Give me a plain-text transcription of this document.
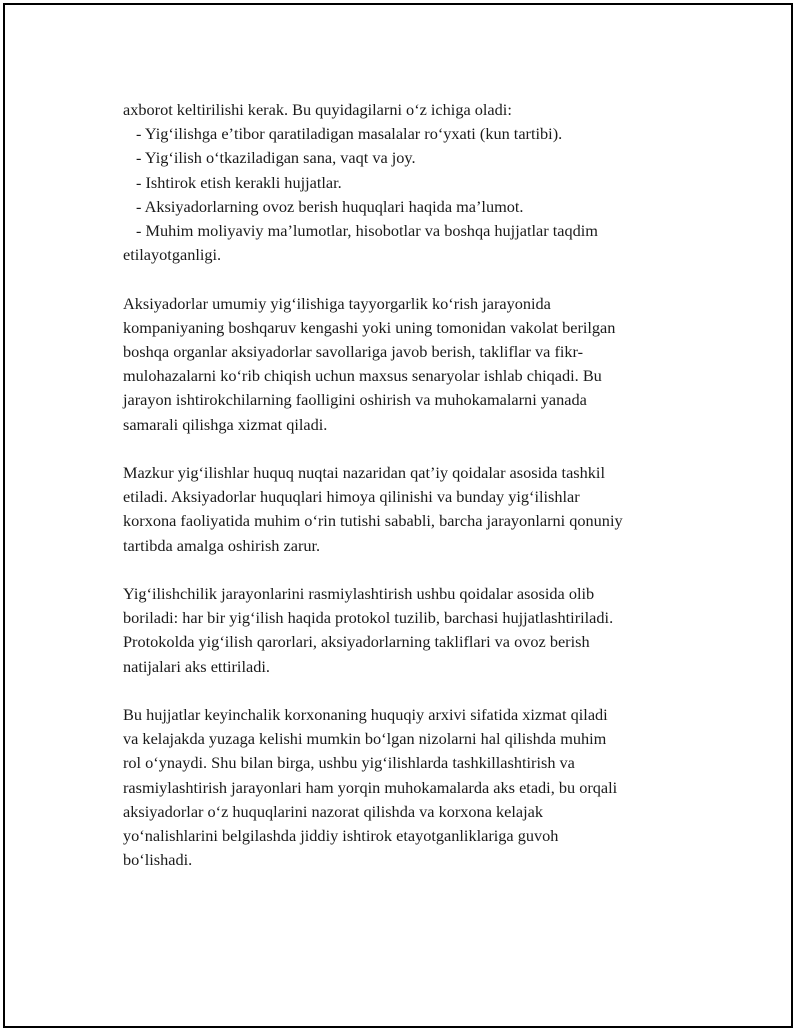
axborot keltirilishi kerak. Bu quyidagilarni oʻz ichiga oladi:
- Yigʻilishga eʼtibor qaratiladigan masalalar roʻyxati (kun tartibi).
- Yigʻilish oʻtkaziladigan sana, vaqt va joy.
- Ishtirok etish kerakli hujjatlar.
- Aksiyadorlarning ovoz berish huquqlari haqida maʼlumot.
- Muhim moliyaviy maʼlumotlar, hisobotlar va boshqa hujjatlar taqdim
etilayotganligi.

Aksiyadorlar umumiy yigʻilishiga tayyorgarlik koʻrish jarayonida
kompaniyaning boshqaruv kengashi yoki uning tomonidan vakolat berilgan
boshqa organlar aksiyadorlar savollariga javob berish, takliflar va fikr-
mulohazalarni koʻrib chiqish uchun maxsus senaryolar ishlab chiqadi. Bu
jarayon ishtirokchilarning faolligini oshirish va muhokamalarni yanada
samarali qilishga xizmat qiladi.

Mazkur yigʻilishlar huquq nuqtai nazaridan qatʼiy qoidalar asosida tashkil
etiladi. Aksiyadorlar huquqlari himoya qilinishi va bunday yigʻilishlar
korxona faoliyatida muhim oʻrin tutishi sababli, barcha jarayonlarni qonuniy
tartibda amalga oshirish zarur.

Yigʻilishchilik jarayonlarini rasmiylashtirish ushbu qoidalar asosida olib
boriladi: har bir yigʻilish haqida protokol tuzilib, barchasi hujjatlashtiriladi.
Protokolda yigʻilish qarorlari, aksiyadorlarning takliflari va ovoz berish
natijalari aks ettiriladi.

Bu hujjatlar keyinchalik korxonaning huquqiy arxivi sifatida xizmat qiladi
va kelajakda yuzaga kelishi mumkin boʻlgan nizolarni hal qilishda muhim
rol oʻynaydi. Shu bilan birga, ushbu yigʻilishlarda tashkillashtirish va
rasmiylashtirish jarayonlari ham yorqin muhokamalarda aks etadi, bu orqali
aksiyadorlar oʻz huquqlarini nazorat qilishda va korxona kelajak
yoʻnalishlarini belgilashda jiddiy ishtirok etayotganliklariga guvoh
boʻlishadi.
